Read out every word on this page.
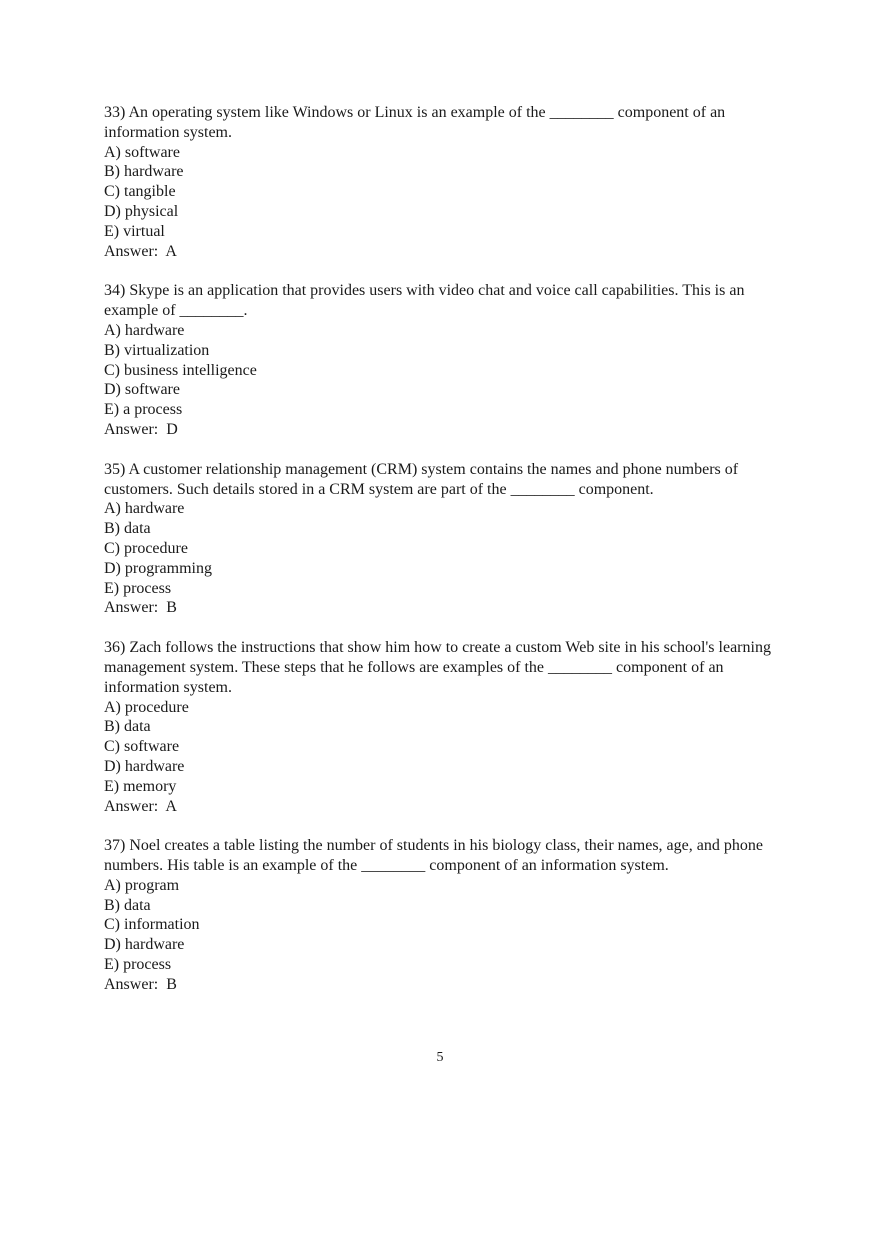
33) An operating system like Windows or Linux is an example of the ________ component of an information system.

A) software
B) hardware
C) tangible
D) physical
E) virtual
Answer:  A

34) Skype is an application that provides users with video chat and voice call capabilities. This is an example of ________.

A) hardware
B) virtualization
C) business intelligence
D) software
E) a process
Answer:  D

35) A customer relationship management (CRM) system contains the names and phone numbers of customers. Such details stored in a CRM system are part of the ________ component.

A) hardware
B) data
C) procedure
D) programming
E) process
Answer:  B

36) Zach follows the instructions that show him how to create a custom Web site in his school's learning management system. These steps that he follows are examples of the ________ component of an information system.

A) procedure
B) data
C) software
D) hardware
E) memory
Answer:  A

37) Noel creates a table listing the number of students in his biology class, their names, age, and phone numbers. His table is an example of the ________ component of an information system.

A) program
B) data
C) information
D) hardware
E) process
Answer:  B
5
